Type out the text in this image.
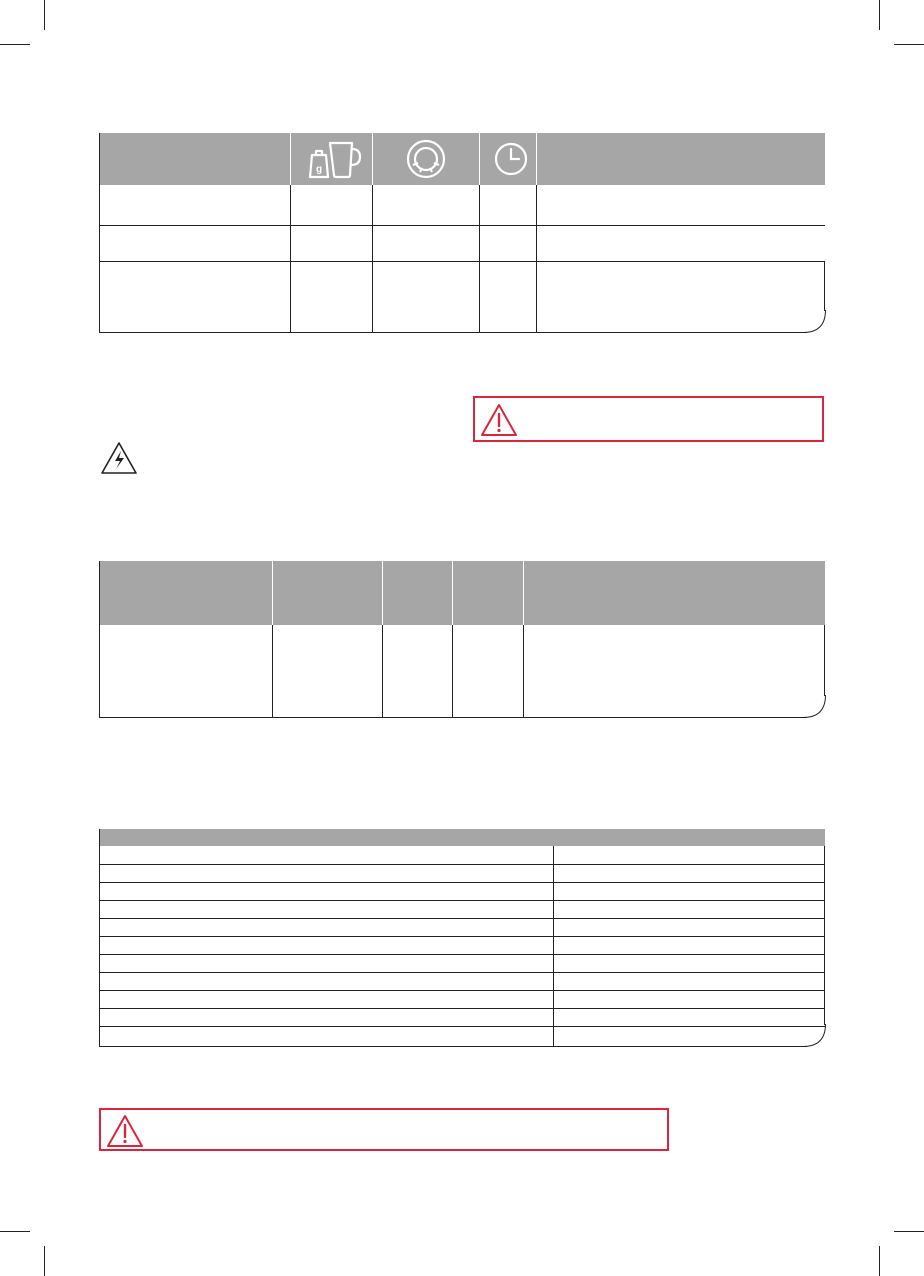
g
